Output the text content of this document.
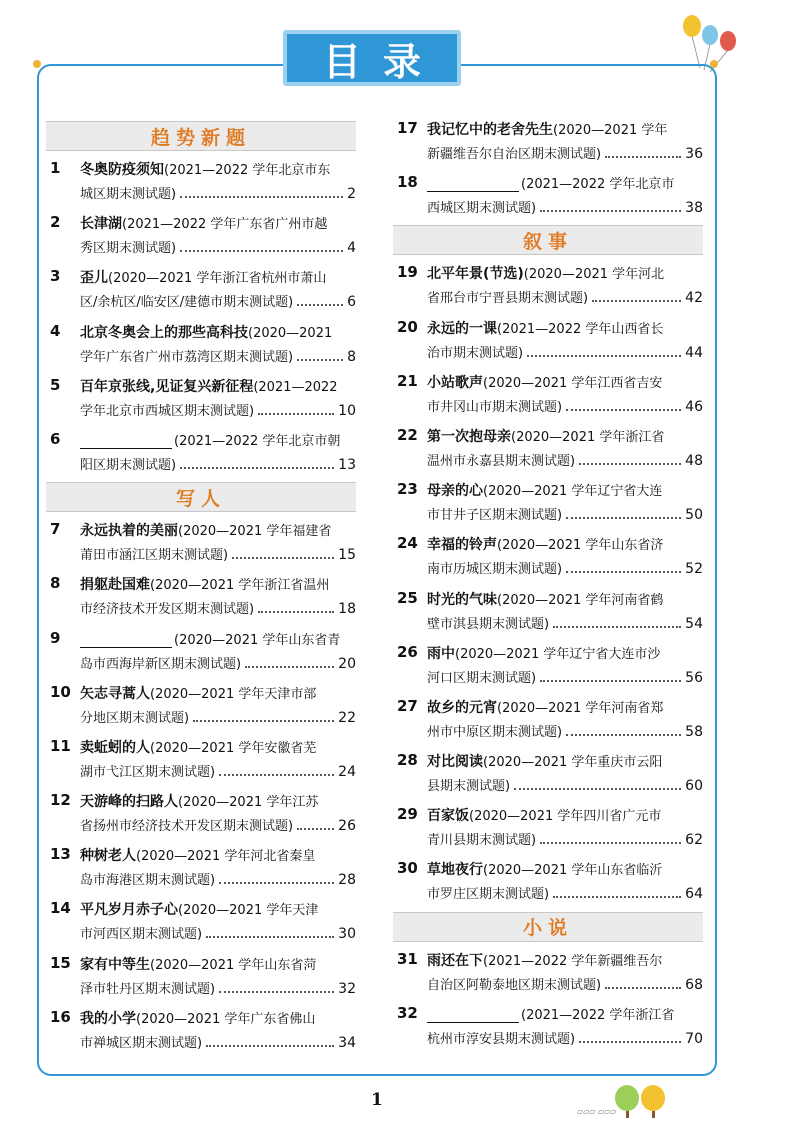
目录
趋势新题
1 冬奥防疫须知(2021—2022 学年北京市东
城区期末测试题)	2
2 长津湖(2021—2022 学年广东省广州市越
秀区期末测试题)	4
3 歪儿(2020—2021 学年浙江省杭州市萧山
区/余杭区/临安区/建德市期末测试题)	6
4 北京冬奥会上的那些高科技(2020—2021
学年广东省广州市荔湾区期末测试题)	8
5 百年京张线,见证复兴新征程(2021—2022
学年北京市西城区期末测试题)	10
6	(2021—2022 学年北京市朝
阳区期末测试题)	13
写人
7 永远执着的美丽(2020—2021 学年福建省
莆田市涵江区期末测试题)	15
8 捐躯赴国难(2020—2021 学年浙江省温州
市经济技术开发区期末测试题)	18
9	(2020—2021 学年山东省青
岛市西海岸新区期末测试题)	20
10 矢志寻蒿人(2020—2021 学年天津市部
分地区期末测试题)	22
11 卖蚯蚓的人(2020—2021 学年安徽省芜
湖市弋江区期末测试题)	24
12 天游峰的扫路人(2020—2021 学年江苏
省扬州市经济技术开发区期末测试题)	26
13 种树老人(2020—2021 学年河北省秦皇
岛市海港区期末测试题)	28
14 平凡岁月赤子心(2020—2021 学年天津
市河西区期末测试题)	30
15 家有中等生(2020—2021 学年山东省菏
泽市牡丹区期末测试题)	32
16 我的小学(2020—2021 学年广东省佛山
市禅城区期末测试题)	34
17 我记忆中的老舍先生(2020—2021 学年
新疆维吾尔自治区期末测试题)	36
18	(2021—2022 学年北京市
西城区期末测试题)	38
叙事
19 北平年景(节选)(2020—2021 学年河北
省邢台市宁晋县期末测试题)	42
20 永远的一课(2021—2022 学年山西省长
治市期末测试题)	44
21 小站歌声(2020—2021 学年江西省吉安
市井冈山市期末测试题)	46
22 第一次抱母亲(2020—2021 学年浙江省
温州市永嘉县期末测试题)	48
23 母亲的心(2020—2021 学年辽宁省大连
市甘井子区期末测试题)	50
24 幸福的铃声(2020—2021 学年山东省济
南市历城区期末测试题)	52
25 时光的气味(2020—2021 学年河南省鹤
壁市淇县期末测试题)	54
26 雨中(2020—2021 学年辽宁省大连市沙
河口区期末测试题)	56
27 故乡的元宵(2020—2021 学年河南省郑
州市中原区期末测试题)	58
28 对比阅读(2020—2021 学年重庆市云阳
县期末测试题)	60
29 百家饭(2020—2021 学年四川省广元市
青川县期末测试题)	62
30 草地夜行(2020—2021 学年山东省临沂
市罗庄区期末测试题)	64
小说
31 雨还在下(2021—2022 学年新疆维吾尔
自治区阿勒泰地区期末测试题)	68
32	(2021—2022 学年浙江省
杭州市淳安县期末测试题)	70
1
▱▱▱ ▱▱▱
